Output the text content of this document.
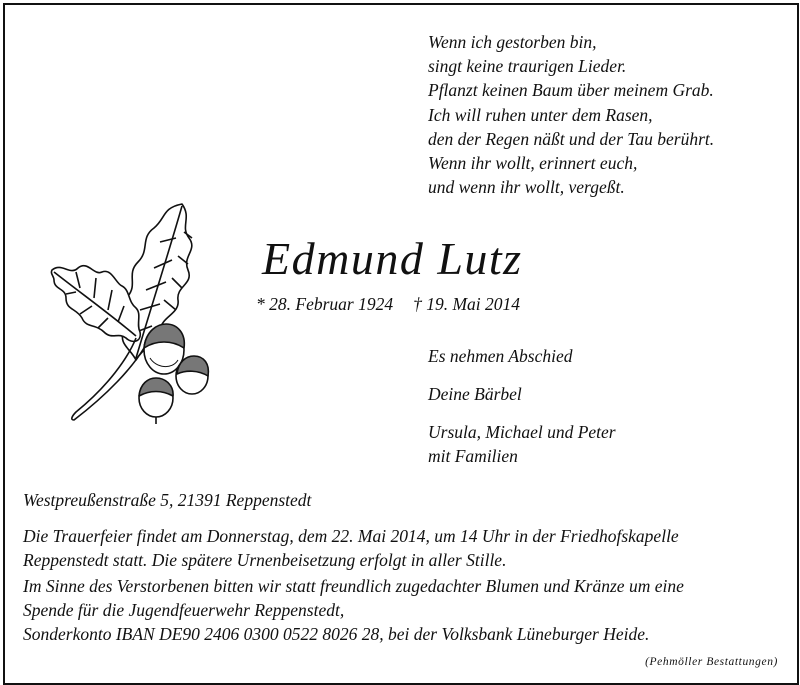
Wenn ich gestorben bin,
singt keine traurigen Lieder.
Pflanzt keinen Baum über meinem Grab.
Ich will ruhen unter dem Rasen,
den der Regen näßt und der Tau berührt.
Wenn ihr wollt, erinnert euch,
und wenn ihr wollt, vergeßt.
Edmund Lutz
* 28. Februar 1924 † 19. Mai 2014
Es nehmen Abschied
Deine Bärbel
Ursula, Michael und Peter
mit Familien
Westpreußenstraße 5, 21391 Reppenstedt
Die Trauerfeier findet am Donnerstag, dem 22. Mai 2014, um 14 Uhr in der Friedhofskapelle
Reppenstedt statt. Die spätere Urnenbeisetzung erfolgt in aller Stille.
Im Sinne des Verstorbenen bitten wir statt freundlich zugedachter Blumen und Kränze um eine
Spende für die Jugendfeuerwehr Reppenstedt,
Sonderkonto IBAN DE90 2406 0300 0522 8026 28, bei der Volksbank Lüneburger Heide.
(Pehmöller Bestattungen)
